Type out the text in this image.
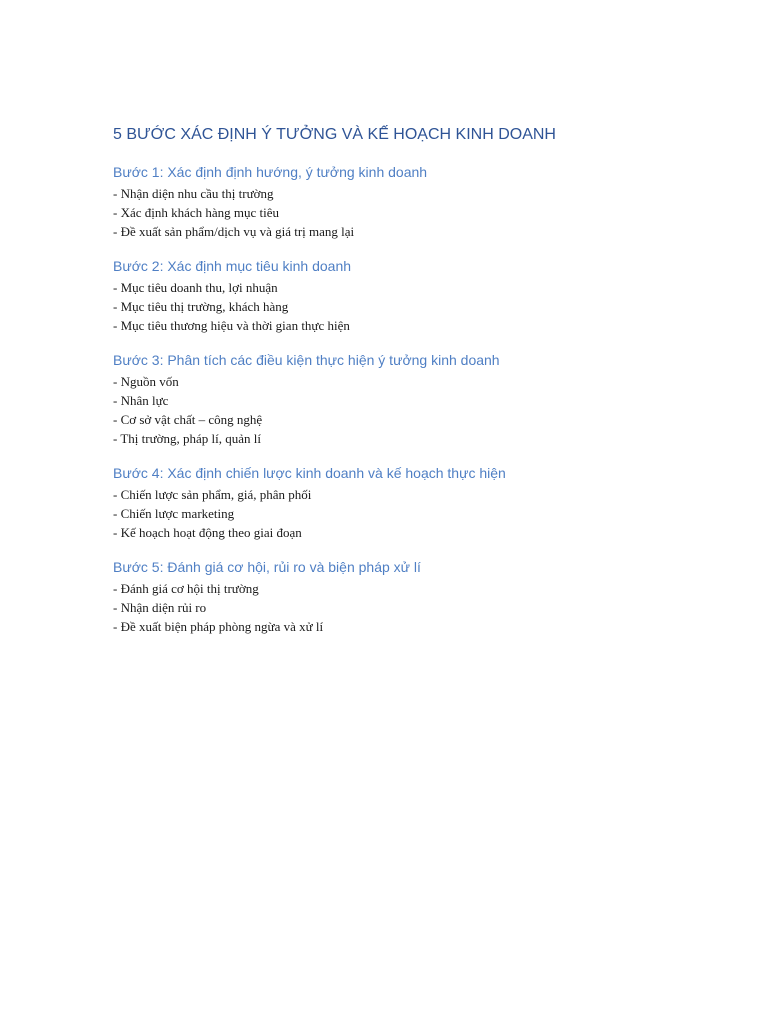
5 BƯỚC XÁC ĐỊNH Ý TƯỞNG VÀ KẾ HOẠCH KINH DOANH
Bước 1: Xác định định hướng, ý tưởng kinh doanh
- Nhận diện nhu cầu thị trường
- Xác định khách hàng mục tiêu
- Đề xuất sản phẩm/dịch vụ và giá trị mang lại
Bước 2: Xác định mục tiêu kinh doanh
- Mục tiêu doanh thu, lợi nhuận
- Mục tiêu thị trường, khách hàng
- Mục tiêu thương hiệu và thời gian thực hiện
Bước 3: Phân tích các điều kiện thực hiện ý tưởng kinh doanh
- Nguồn vốn
- Nhân lực
- Cơ sở vật chất – công nghệ
- Thị trường, pháp lí, quản lí
Bước 4: Xác định chiến lược kinh doanh và kế hoạch thực hiện
- Chiến lược sản phẩm, giá, phân phối
- Chiến lược marketing
- Kế hoạch hoạt động theo giai đoạn
Bước 5: Đánh giá cơ hội, rủi ro và biện pháp xử lí
- Đánh giá cơ hội thị trường
- Nhận diện rủi ro
- Đề xuất biện pháp phòng ngừa và xử lí
